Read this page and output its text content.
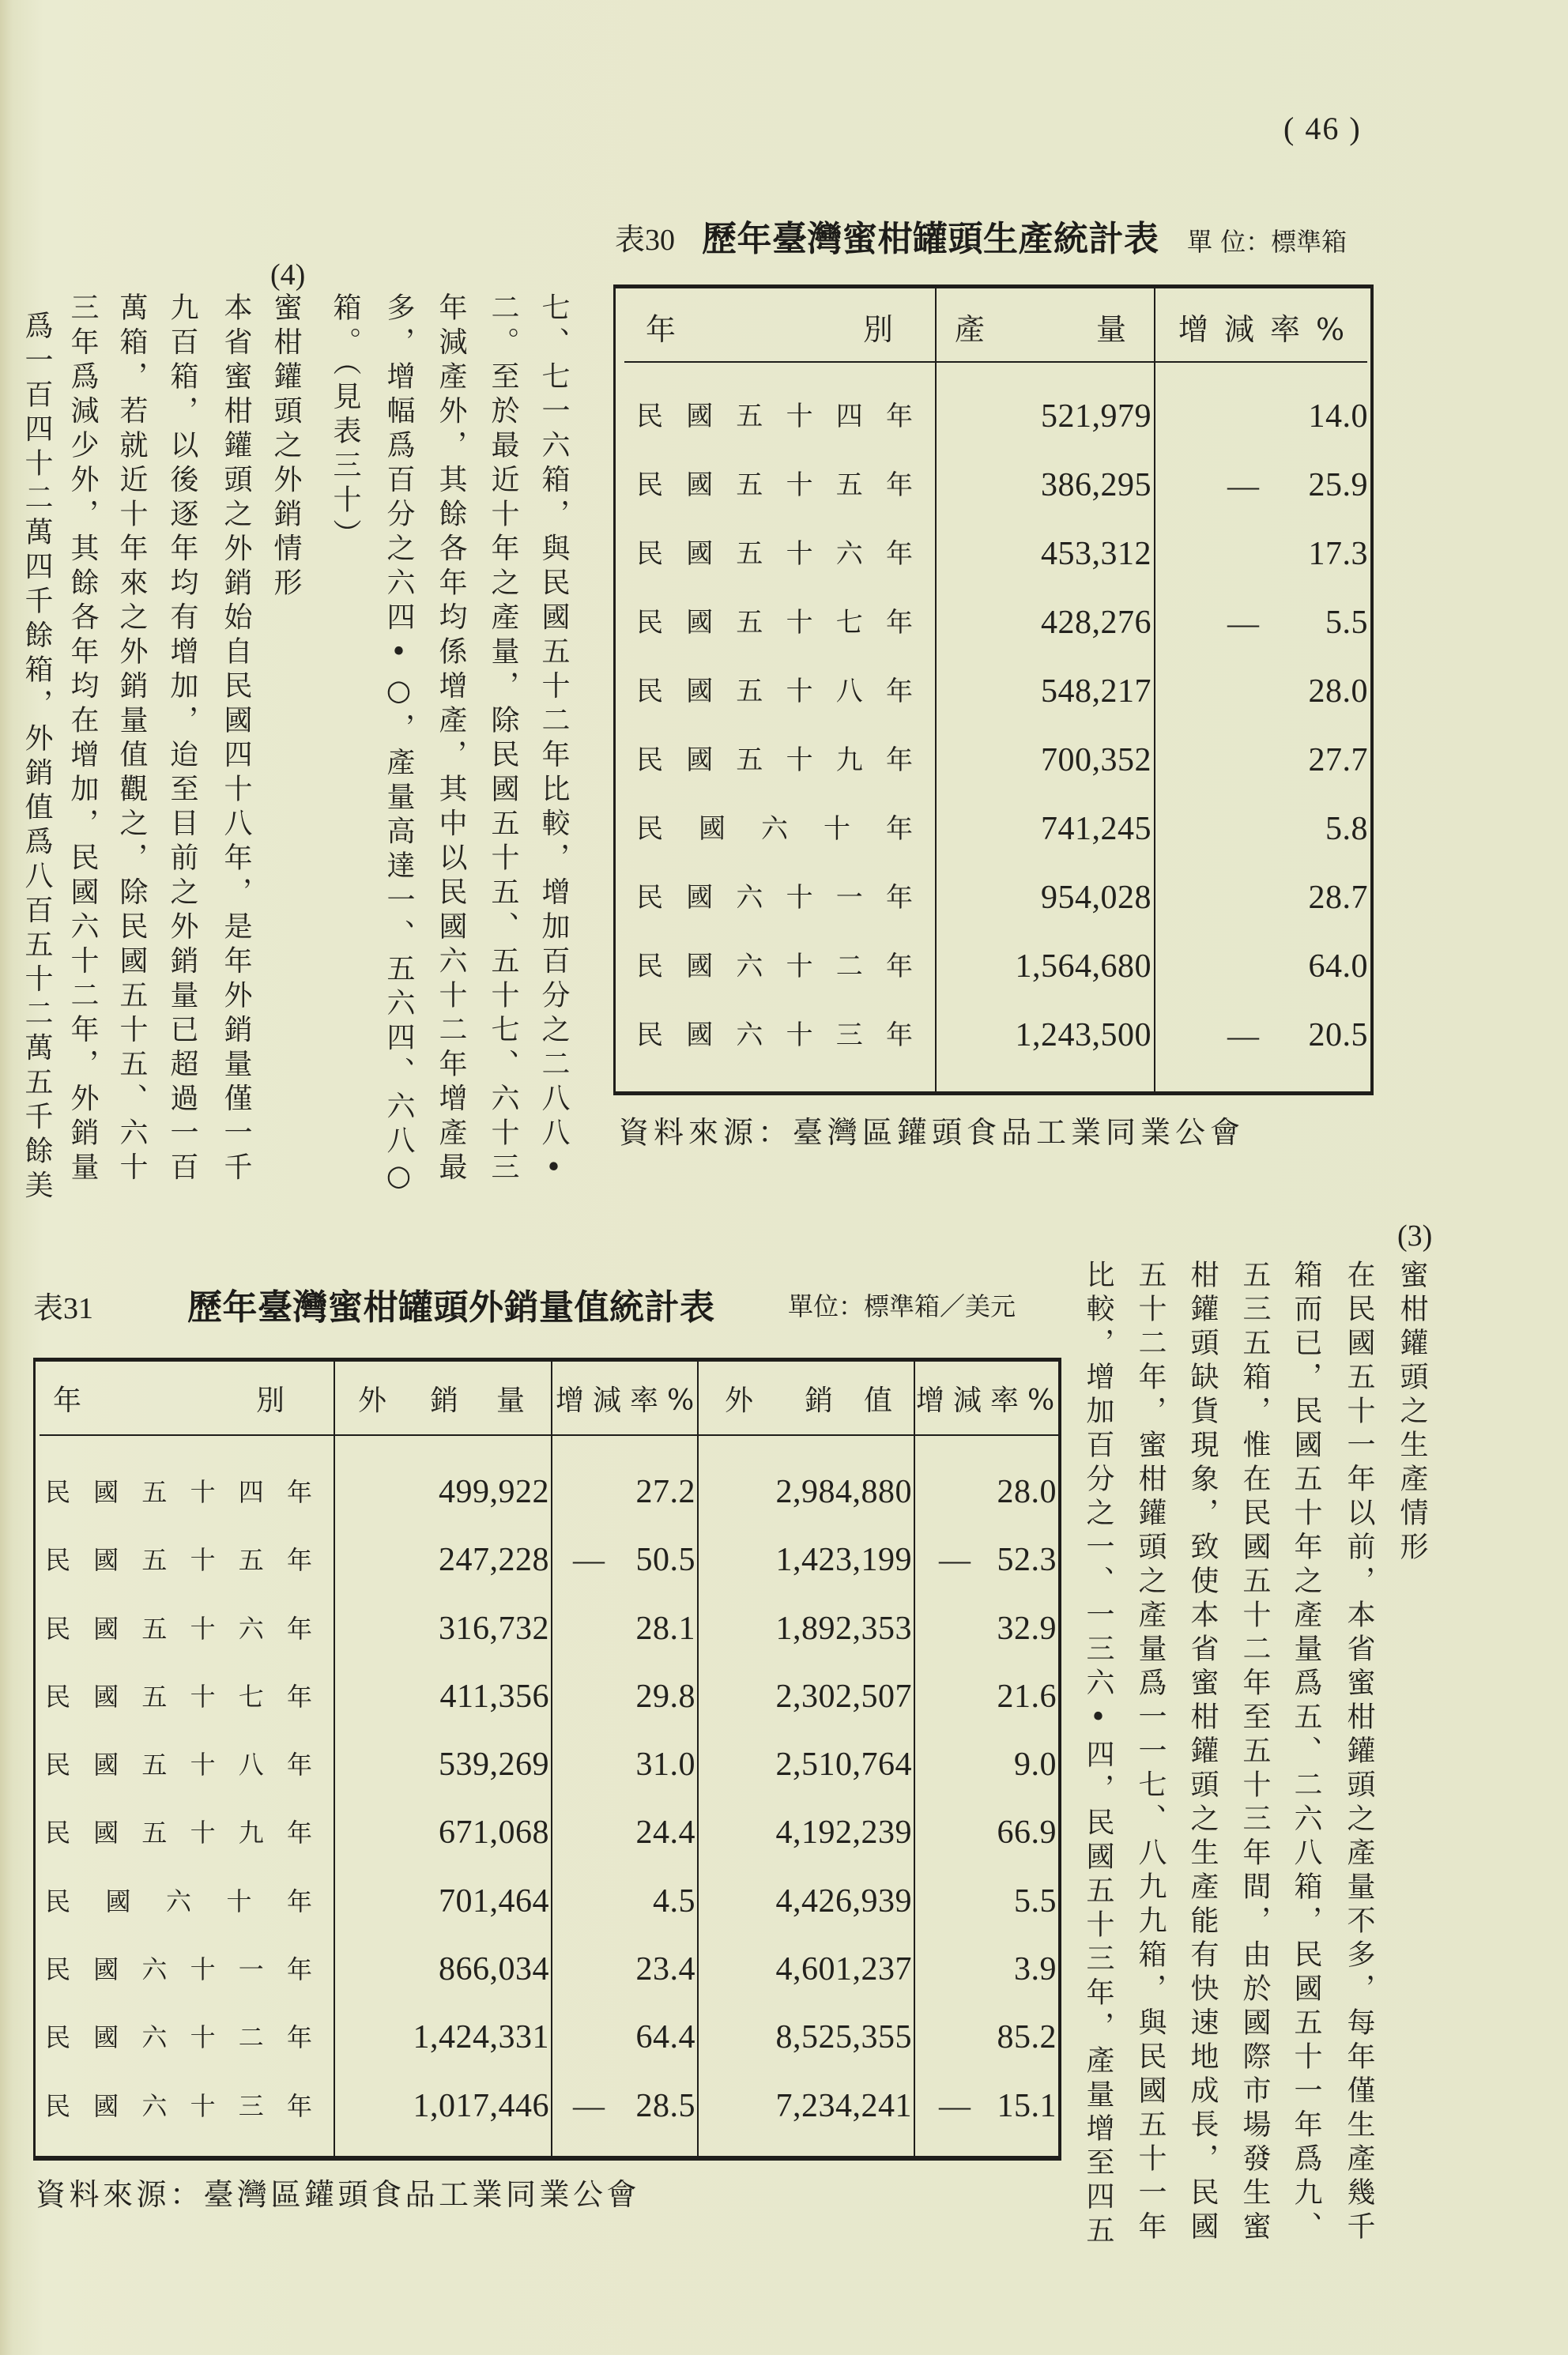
( 46 )
表30 歷年臺灣蜜柑罐頭生產統計表 單 位：標準箱
年	別 產	量 增減率%
民國五十四年	521,979	14.0
民國五十五年	386,295 — 25.9
民國五十六年	453,312	17.3
民國五十七年	428,276 — 5.5
民國五十八年	548,217	28.0
民國五十九年	700,352	27.7
民國六十年	741,245	5.8
民國六十一年	954,028	28.7
民國六十二年	1,564,680	64.0
民國六十三年	1,243,500 — 20.5
資料來源：臺灣區鑵頭食品工業同業公會
(3)
蜜柑鑵頭之生產情形
在民國五十一年以前，本省蜜柑鑵頭之產量不多，每年僅生產幾千
箱而已，民國五十年之產量爲五、二六八箱，民國五十一年爲九、
五三五箱，惟在民國五十二年至五十三年間，由於國際市場發生蜜
柑鑵頭缺貨現象，致使本省蜜柑鑵頭之生產能有快速地成長，民國
五十二年，蜜柑鑵頭之產量爲一一七、八九九箱，與民國五十一年
比較，增加百分之一、一三六•四，民國五十三年，產量增至四五
七、七一六箱，與民國五十二年比較，增加百分之二八八•
二。至於最近十年之產量，除民國五十五、五十七、六十三
年減產外，其餘各年均係增產，其中以民國六十二年增產最
多，增幅爲百分之六四•○，產量高達一、五六四、六八○
箱。（見表三十）
(4)
蜜柑鑵頭之外銷情形
本省蜜柑鑵頭之外銷始自民國四十八年，是年外銷量僅一千
九百箱，以後逐年均有增加，迨至目前之外銷量已超過一百
萬箱，若就近十年來之外銷量值觀之，除民國五十五、六十
三年爲減少外，其餘各年均在增加，民國六十二年，外銷量
爲一百四十二萬四千餘箱，外銷值爲八百五十二萬五千餘美
表31	歷年臺灣蜜柑罐頭外銷量值統計表	單位：標準箱／美元
年	別	外 銷 量 增減率% 外 銷 值 增減率%
民國五十四年	499,922	27.2	2,984,880	28.0
民國五十五年	247,228 — 50.5	1,423,199 — 52.3
民國五十六年	316,732	28.1	1,892,353	32.9
民國五十七年	411,356	29.8	2,302,507	21.6
民國五十八年	539,269	31.0	2,510,764	9.0
民國五十九年	671,068	24.4	4,192,239	66.9
民國六十年	701,464	4.5	4,426,939	5.5
民國六十一年	866,034	23.4	4,601,237	3.9
民國六十二年	1,424,331	64.4	8,525,355	85.2
民國六十三年	1,017,446 — 28.5	7,234,241 — 15.1
資料來源：臺灣區鑵頭食品工業同業公會
